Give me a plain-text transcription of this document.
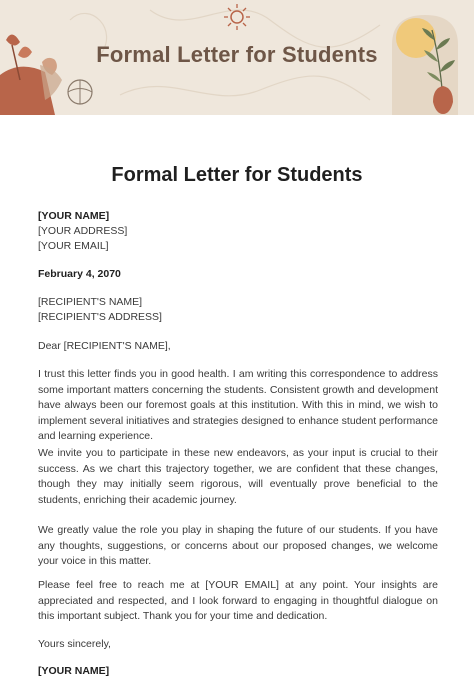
Formal Letter for Students
Formal Letter for Students
[YOUR NAME]
[YOUR ADDRESS]
[YOUR EMAIL]
February 4, 2070
[RECIPIENT'S NAME]
[RECIPIENT'S ADDRESS]
Dear [RECIPIENT'S NAME],
I trust this letter finds you in good health. I am writing this correspondence to address some important matters concerning the students. Consistent growth and development have always been our foremost goals at this institution. With this in mind, we wish to implement several initiatives and strategies designed to enhance student performance and learning experience.
We invite you to participate in these new endeavors, as your input is crucial to their success. As we chart this trajectory together, we are confident that these changes, though they may initially seem rigorous, will eventually prove beneficial to the students, enriching their academic journey.
We greatly value the role you play in shaping the future of our students. If you have any thoughts, suggestions, or concerns about our proposed changes, we welcome your voice in this matter.
Please feel free to reach me at [YOUR EMAIL] at any point. Your insights are appreciated and respected, and I look forward to engaging in thoughtful dialogue on this important subject. Thank you for your time and dedication.
Yours sincerely,
[YOUR NAME]
